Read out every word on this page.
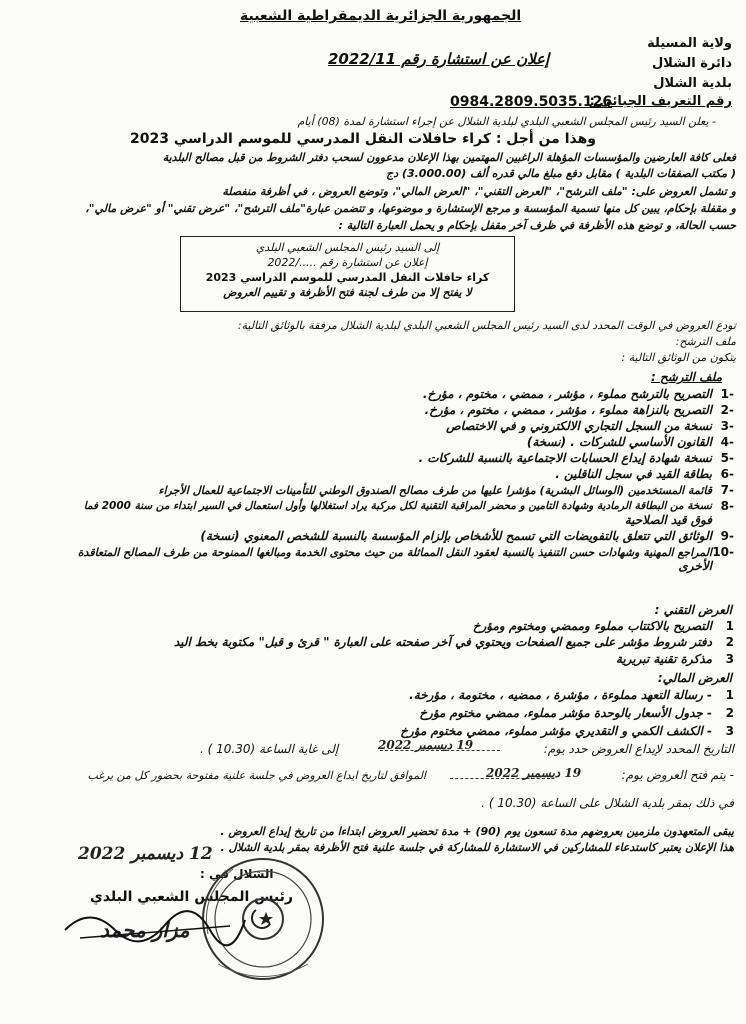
الجمهورية الجزائرية الديمقراطية الشعبية
ولاية المسيلة
دائرة الشلال
بلدية الشلال
إعلان عن استشارة رقم 2022/11
رقم التعريف الجبائي :
0984.2809.5035.126
- يعلن السيد رئيس المجلس الشعبي البلدي لبلدية الشلال عن إجراء استشارة لمدة (08) أيام
وهذا من أجل : كراء حافلات النقل المدرسي للموسم الدراسي 2023
فعلى كافة العارضين والمؤسسات المؤهلة الراغبين المهتمين بهذا الإعلان مدعوون لسحب دفتر الشروط من قبل مصالح البلدية
( مكتب الصفقات البلدية ) مقابل دفع مبلغ مالي قدره ألف (3.000.00) دج
و تشمل العروض على: "ملف الترشح"، "العرض التقني"، "العرض المالي"، وتوضع العروض ، في أظرفة منفصلة
و مقفلة بإحكام، يبين كل منها تسمية المؤسسة و مرجع الإستشارة و موضوعها، و تتضمن عبارة"ملف الترشح"، "عرض تقني" أو "عرض مالي"،
حسب الحالة، و توضع هذه الأظرفة في ظرف آخر مقفل بإحكام و يحمل العبارة التالية :
إلى السيد رئيس المجلس الشعبي البلدي
إعلان عن استشارة رقم ...../2022
كراء حافلات النقل المدرسي للموسم الدراسي 2023
لا يفتح إلا من طرف لجنة فتح الأظرفة و تقييم العروض
تودع العروض في الوقت المحدد لدى السيد رئيس المجلس الشعبي البلدي لبلدية الشلال مرفقة بالوثائق التالية:
ملف الترشح:
يتكون من الوثائق التالية :
ملف الترشح :
-1
التصريح بالترشح مملوء ، مؤشر ، ممضي ، مختوم ، مؤرخ.
-2
التصريح بالنزاهة مملوء ، مؤشر ، ممضي ، مختوم ، مؤرخ.
-3
نسخة من السجل التجاري الالكتروني و في الاختصاص
-4
القانون الأساسي للشركات . (نسخة)
-5
نسخة شهادة إيداع الحسابات الاجتماعية بالنسبة للشركات .
-6
بطاقة القيد في سجل الناقلين .
-7
قائمة المستخدمين (الوسائل البشرية) مؤشرا عليها من طرف مصالح الصندوق الوطني للتأمينات الاجتماعية للعمال الأجراء
-8
نسخة من البطاقة الرمادية وشهادة التامين و محضر المراقبة التقنية لكل مركبة يراد استغلالها وأول استعمال في السير ابتداء من سنة 2000 فما
فوق قيد الصلاحية
-9
الوثائق التي تتعلق بالتفويضات التي تسمح للأشخاص بإلزام المؤسسة بالنسبة للشخص المعنوي (نسخة)
-10
المراجع المهنية وشهادات حسن التنفيذ بالنسبة لعقود النقل المماثلة من حيث محتوى الخدمة ومبالغها الممنوحة من طرف المصالح المتعاقدة
الأخرى
العرض التقني :
1
التصريح بالاكتتاب مملوء وممضي ومختوم ومؤرخ
2
دفتر شروط مؤشر على جميع الصفحات ويحتوي في آخر صفحته على العبارة " قرئ و قبل" مكتوبة بخط اليد
3
مذكرة تقنية تبريرية
العرض المالي:
1
- رسالة التعهد مملوءة ، مؤشرة ، ممضيه ، مختومة ، مؤرخة.
2
- جدول الأسعار بالوحدة مؤشر مملوء، ممضي مختوم مؤرخ
3
- الكشف الكمي و التقديري مؤشر مملوء، ممضي مختوم مؤرخ
التاريخ المحدد لإيداع العروض حدد يوم:
19 ديسمبر 2022
إلى غاية الساعة (10.30 ) .
- يتم فتح العروض يوم:
19 ديسمبر 2022
الموافق لتاريخ ايداع العروض في جلسة علنية مفتوحة بحضور كل من يرغب
في ذلك بمقر بلدية الشلال على الساعة (10.30 ) .
يبقى المتعهدون ملزمين بعروضهم مدة تسعون يوم (90) + مدة تحضير العروض ابتداءا من تاريخ إيداع العروض .
هذا الإعلان يعتبر كاستدعاء للمشاركين في الاستشارة للمشاركة في جلسة علنية فتح الأظرفة بمقر بلدية الشلال .
12 ديسمبر 2022
الشلال في :
رئيس المجلس الشعبي البلدي
مزاز محمد
